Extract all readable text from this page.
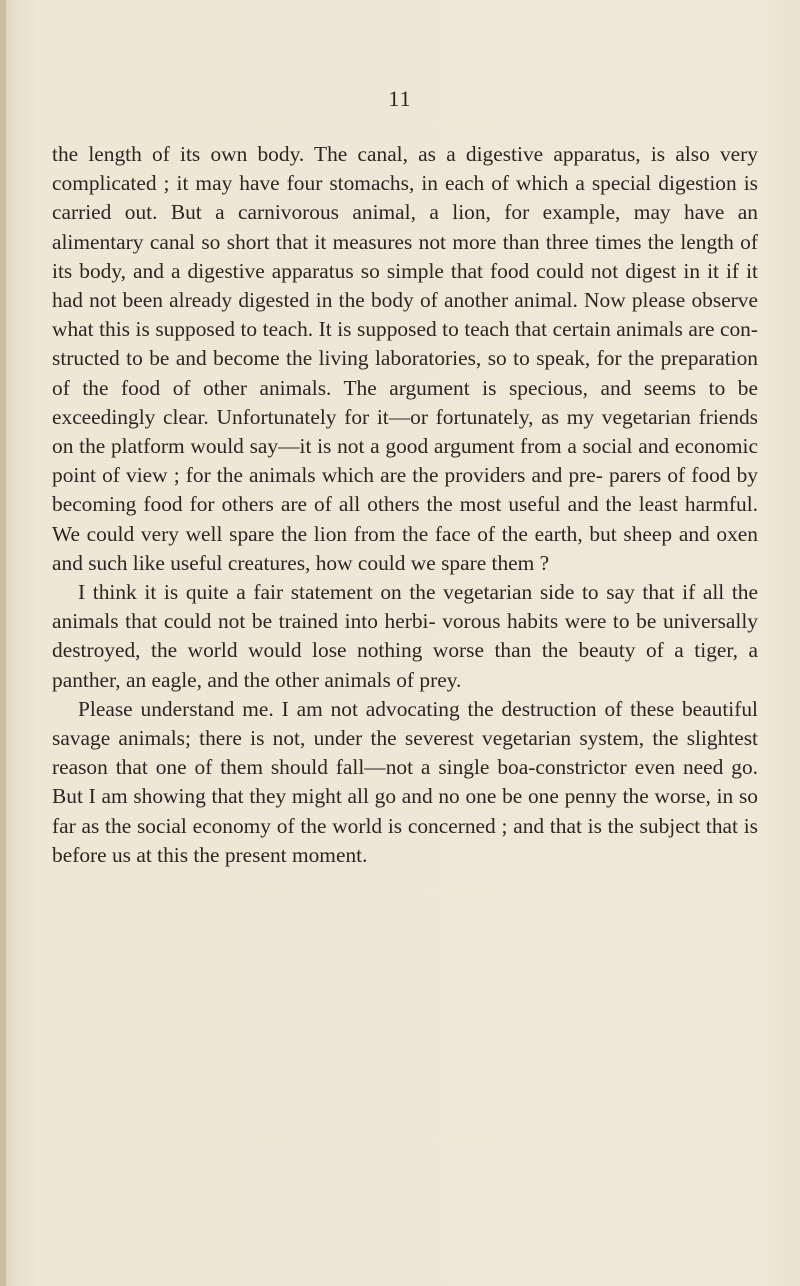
11

the length of its own body. The canal, as a digestive apparatus, is also very complicated ; it may have four stomachs, in each of which a special digestion is carried out. But a carnivorous animal, a lion, for example, may have an alimentary canal so short that it measures not more than three times the length of its body, and a digestive apparatus so simple that food could not digest in it if it had not been already digested in the body of another animal. Now please observe what this is supposed to teach. It is supposed to teach that certain animals are con- structed to be and become the living laboratories, so to speak, for the preparation of the food of other animals. The argument is specious, and seems to be exceedingly clear. Unfortunately for it—or fortunately, as my vegetarian friends on the platform would say—it is not a good argument from a social and economic point of view ; for the animals which are the providers and pre- parers of food by becoming food for others are of all others the most useful and the least harmful. We could very well spare the lion from the face of the earth, but sheep and oxen and such like useful creatures, how could we spare them ?

I think it is quite a fair statement on the vegetarian side to say that if all the animals that could not be trained into herbi- vorous habits were to be universally destroyed, the world would lose nothing worse than the beauty of a tiger, a panther, an eagle, and the other animals of prey.

Please understand me. I am not advocating the destruction of these beautiful savage animals; there is not, under the severest vegetarian system, the slightest reason that one of them should fall—not a single boa-constrictor even need go. But I am showing that they might all go and no one be one penny the worse, in so far as the social economy of the world is concerned ; and that is the subject that is before us at this the present moment.
